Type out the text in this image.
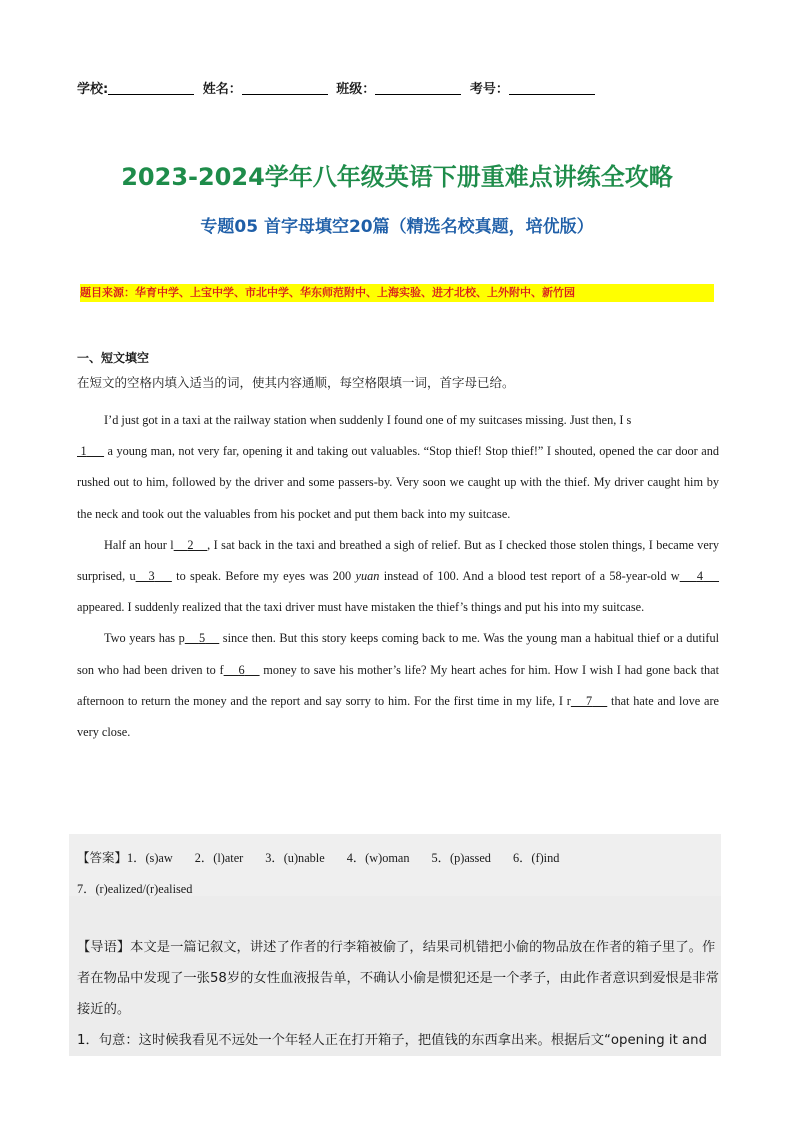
学校:	姓名：	班级：	考号：
2023-2024学年八年级英语下册重难点讲练全攻略
专题05 首字母填空20篇（精选名校真题，培优版）
题目来源：华育中学、上宝中学、市北中学、华东师范附中、上海实验、进才北校、上外附中、新竹园
一、短文填空
在短文的空格内填入适当的词，使其内容通顺，每空格限填一词，首字母已给。

I’d just got in a taxi at the railway station when suddenly I found one of my suitcases missing. Just then, I s
1      a young man, not very far, opening it and taking out valuables. “Stop thief! Stop thief!” I shouted, opened the car door and rushed out to him, followed by the driver and some passers-by. Very soon we caught up with the thief. My driver caught him by the neck and took out the valuables from his pocket and put them back into my suitcase.

Half an hour l 2 , I sat back in the taxi and breathed a sigh of relief. But as I checked those stolen things, I became very surprised, u 3     to speak. Before my eyes was 200 yuan instead of 100. And a blood test report of a 58-year-old w 4     appeared. I suddenly realized that the taxi driver must have mistaken the thief’s things and put his into my suitcase.

Two years has p 5     since then. But this story keeps coming back to me. Was the young man a habitual thief or a dutiful son who had been driven to f 6     money to save his mother’s life? My heart aches for him. How I wish I had gone back that afternoon to return the money and the report and say sorry to him. For the first time in my life, I r 7     that hate and love are very close.

【答案】1．(s)aw 2．(l)ater 3．(u)nable 4．(w)oman 5．(p)assed 6．(f)ind
7．(r)ealized/(r)ealised

【导语】本文是一篇记叙文，讲述了作者的行李箱被偷了，结果司机错把小偷的物品放在作者的箱子里了。作者在物品中发现了一张58岁的女性血液报告单，不确认小偷是惯犯还是一个孝子，由此作者意识到爱恨是非常接近的。

1．句意：这时候我看见不远处一个年轻人正在打开箱子，把值钱的东西拿出来。根据后文“opening it and
